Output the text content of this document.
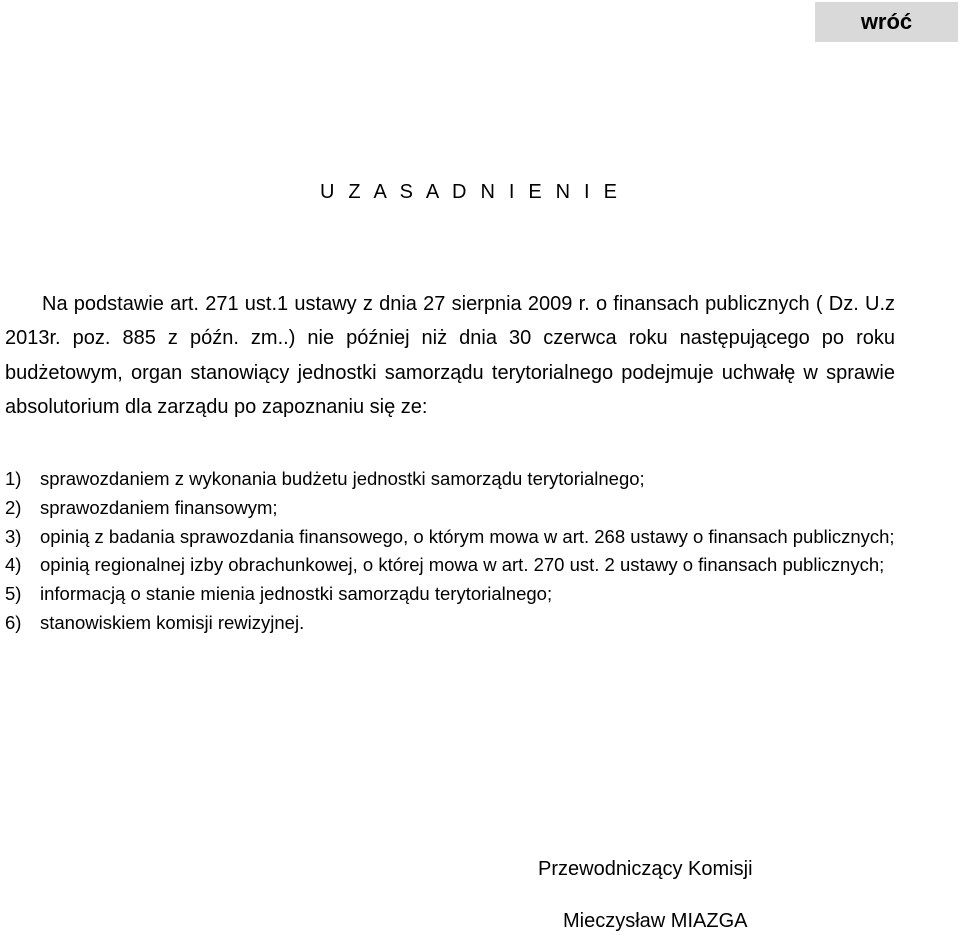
wróć
U Z A S A D N I E N I E

Na podstawie art. 271 ust.1 ustawy z dnia 27 sierpnia 2009 r. o finansach publicznych ( Dz. U.z 2013r. poz. 885 z późn. zm..) nie później niż dnia 30 czerwca roku następującego po roku budżetowym, organ stanowiący jednostki samorządu terytorialnego podejmuje uchwałę w sprawie absolutorium dla zarządu po zapoznaniu się ze:

1) sprawozdaniem z wykonania budżetu jednostki samorządu terytorialnego;
2) sprawozdaniem finansowym;
3) opinią z badania sprawozdania finansowego, o którym mowa w art. 268 ustawy o finansach publicznych;
4) opinią regionalnej izby obrachunkowej, o której mowa w art. 270 ust. 2 ustawy o finansach publicznych;
5) informacją o stanie mienia jednostki samorządu terytorialnego;
6) stanowiskiem komisji rewizyjnej.
Przewodniczący Komisji
Mieczysław MIAZGA
